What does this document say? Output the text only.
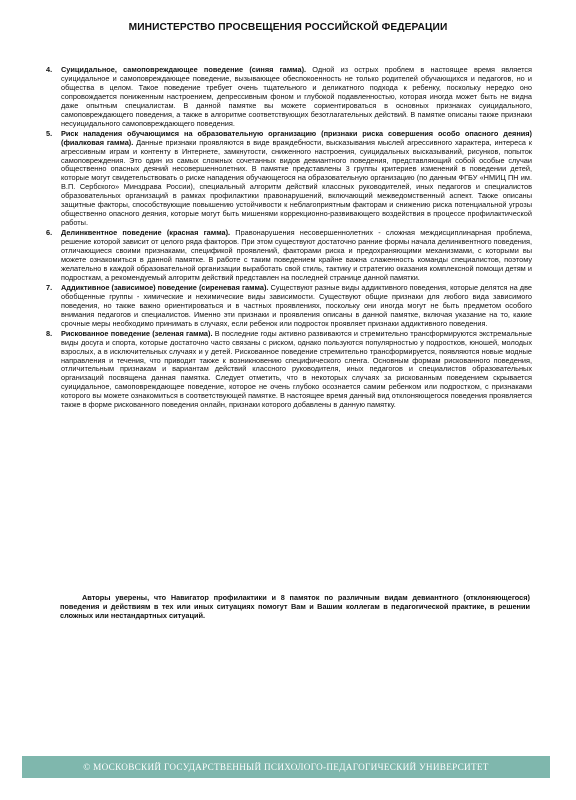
МИНИСТЕРСТВО ПРОСВЕЩЕНИЯ РОССИЙСКОЙ ФЕДЕРАЦИИ
4. Суицидальное, самоповреждающее поведение (синяя гамма). Одной из острых проблем в настоящее время является суицидальное и самоповреждающее поведение, вызывающее обеспокоенность не только родителей обучающихся и педагогов, но и общества в целом. Такое поведение требует очень тщательного и деликатного подхода к ребенку, поскольку нередко оно сопровождается пониженным настроением, депрессивным фоном и глубокой подавленностью, которая иногда может быть не видна даже опытным специалистам. В данной памятке вы можете сориентироваться в основных признаках суицидального, самоповреждающего поведения, а также в алгоритме соответствующих безотлагательных действий. В памятке описаны также признаки несуицидального самоповреждающего поведения.
5. Риск нападения обучающимся на образовательную организацию (признаки риска совершения особо опасного деяния) (фиалковая гамма). Данные признаки проявляются в виде враждебности, высказывания мыслей агрессивного характера, интереса к агрессивным играм и контенту в Интернете, замкнутости, сниженного настроения, суицидальных высказываний, рисунков, попыток самоповреждения. Это один из самых сложных сочетанных видов девиантного поведения, представляющий собой особые случаи общественно опасных деяний несовершеннолетних. В памятке представлены 3 группы критериев изменений в поведении детей, которые могут свидетельствовать о риске нападения обучающегося на образовательную организацию (по данным ФГБУ «НМИЦ ПН им. В.П. Сербского» Минздрава России), специальный алгоритм действий классных руководителей, иных педагогов и специалистов образовательных организаций в рамках профилактики правонарушений, включающий межведомственный аспект. Также описаны защитные факторы, способствующие повышению устойчивости к неблагоприятным факторам и снижению риска потенциальной угрозы общественно опасного деяния, которые могут быть мишенями коррекционно-развивающего воздействия в процессе профилактической работы.
6. Делинквентное поведение (красная гамма). Правонарушения несовершеннолетних - сложная междисциплинарная проблема, решение которой зависит от целого ряда факторов. При этом существуют достаточно ранние формы начала делинквентного поведения, отличающиеся своими признаками, спецификой проявлений, факторами риска и предохраняющими механизмами, с которыми вы можете ознакомиться в данной памятке. В работе с таким поведением крайне важна слаженность команды специалистов, поэтому желательно в каждой образовательной организации выработать свой стиль, тактику и стратегию оказания комплексной помощи детям и подросткам, а рекомендуемый алгоритм действий представлен на последней странице данной памятки.
7. Аддиктивное (зависимое) поведение (сиреневая гамма). Существуют разные виды аддиктивного поведения, которые делятся на две обобщенные группы - химические и нехимические виды зависимости. Существуют общие признаки для любого вида зависимого поведения, но также важно ориентироваться и в частных проявлениях, поскольку они иногда могут не быть предметом особого внимания педагогов и специалистов. Именно эти признаки и проявления описаны в данной памятке, включая указание на то, какие срочные меры необходимо принимать в случаях, если ребенок или подросток проявляет признаки аддиктивного поведения.
8. Рискованное поведение (зеленая гамма). В последние годы активно развиваются и стремительно трансформируются экстремальные виды досуга и спорта, которые достаточно часто связаны с риском, однако пользуются популярностью у подростков, юношей, молодых взрослых, а в исключительных случаях и у детей. Рискованное поведение стремительно трансформируется, появляются новые модные направления и течения, что приводит также к возникновению специфического сленга. Основным формам рискованного поведения, отличительным признакам и вариантам действий классного руководителя, иных педагогов и специалистов образовательных организаций посвящена данная памятка. Следует отметить, что в некоторых случаях за рискованным поведением скрывается суицидальное, самоповреждающее поведение, которое не очень глубоко осознается самим ребенком или подростком, с признаками которого вы можете ознакомиться в соответствующей памятке. В настоящее время данный вид отклоняющегося поведения проявляется также в форме рискованного поведения онлайн, признаки которого добавлены в данную памятку.

Авторы уверены, что Навигатор профилактики и 8 памяток по различным видам девиантного (отклоняющегося) поведения и действиям в тех или иных ситуациях помогут Вам и Вашим коллегам в педагогической практике, в решении сложных или нестандартных ситуаций.

© МОСКОВСКИЙ ГОСУДАРСТВЕННЫЙ ПСИХОЛОГО-ПЕДАГОГИЧЕСКИЙ УНИВЕРСИТЕТ
